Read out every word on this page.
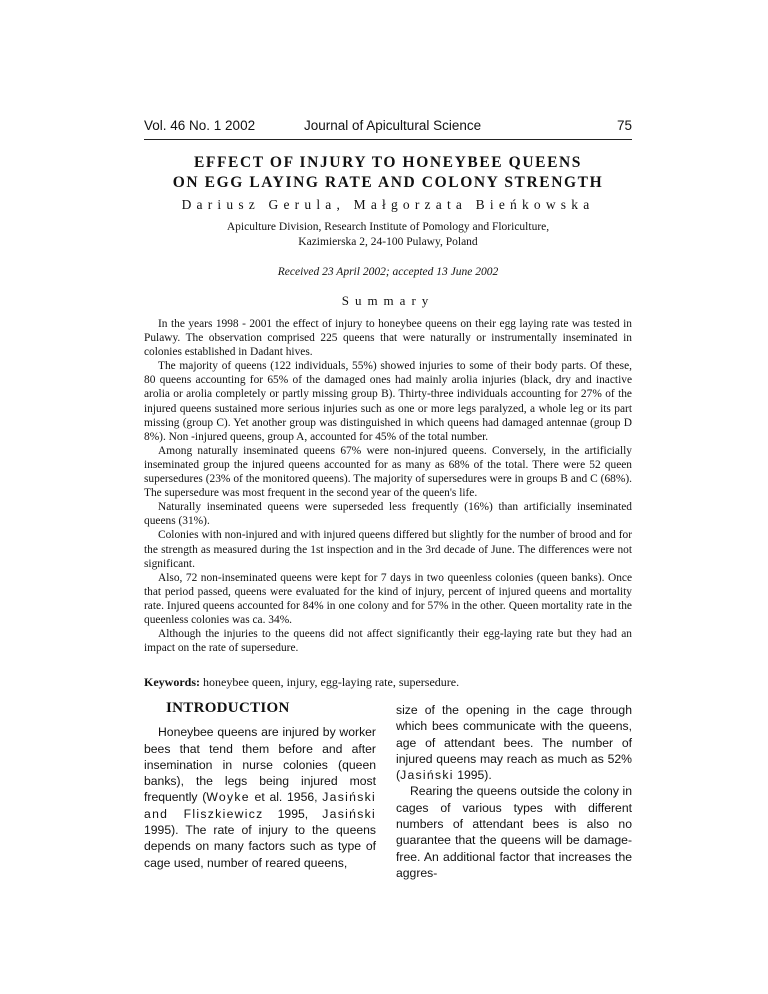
Vol. 46 No. 1 2002	Journal of Apicultural Science	75
EFFECT OF INJURY TO HONEYBEE QUEENS
ON EGG LAYING RATE AND COLONY STRENGTH
Dariusz Gerula, Małgorzata Bieńkowska
Apiculture Division, Research Institute of Pomology and Floriculture,
Kazimierska 2, 24-100 Pulawy, Poland
Received 23 April 2002; accepted 13 June 2002
Summary

In the years 1998 - 2001 the effect of injury to honeybee queens on their egg laying rate was tested in Pulawy. The observation comprised 225 queens that were naturally or instrumentally inseminated in colonies established in Dadant hives.

The majority of queens (122 individuals, 55%) showed injuries to some of their body parts. Of these, 80 queens accounting for 65% of the damaged ones had mainly arolia injuries (black, dry and inactive arolia or arolia completely or partly missing group B). Thirty-three individuals accounting for 27% of the injured queens sustained more serious injuries such as one or more legs paralyzed, a whole leg or its part missing (group C). Yet another group was distinguished in which queens had damaged antennae (group D 8%). Non -injured queens, group A, accounted for 45% of the total number.

Among naturally inseminated queens 67% were non-injured queens. Conversely, in the artificially inseminated group the injured queens accounted for as many as 68% of the total. There were 52 queen supersedures (23% of the monitored queens). The majority of supersedures were in groups B and C (68%). The supersedure was most frequent in the second year of the queen's life.

Naturally inseminated queens were superseded less frequently (16%) than artificially inseminated queens (31%).

Colonies with non-injured and with injured queens differed but slightly for the number of brood and for the strength as measured during the 1st inspection and in the 3rd decade of June. The differences were not significant.

Also, 72 non-inseminated queens were kept for 7 days in two queenless colonies (queen banks). Once that period passed, queens were evaluated for the kind of injury, percent of injured queens and mortality rate. Injured queens accounted for 84% in one colony and for 57% in the other. Queen mortality rate in the queenless colonies was ca. 34%.

Although the injuries to the queens did not affect significantly their egg-laying rate but they had an impact on the rate of supersedure.

Keywords: honeybee queen, injury, egg-laying rate, supersedure.
INTRODUCTION

Honeybee queens are injured by worker bees that tend them before and after insemination in nurse colonies (queen banks), the legs being injured most frequently (Woyke et al. 1956, Jasiński and Fliszkiewicz 1995, Jasiński 1995). The rate of injury to the queens depends on many factors such as type of cage used, number of reared queens,

size of the opening in the cage through which bees communicate with the queens, age of attendant bees. The number of injured queens may reach as much as 52% (Jasiński 1995).

Rearing the queens outside the colony in cages of various types with different numbers of attendant bees is also no guarantee that the queens will be damage-free. An additional factor that increases the aggres-
